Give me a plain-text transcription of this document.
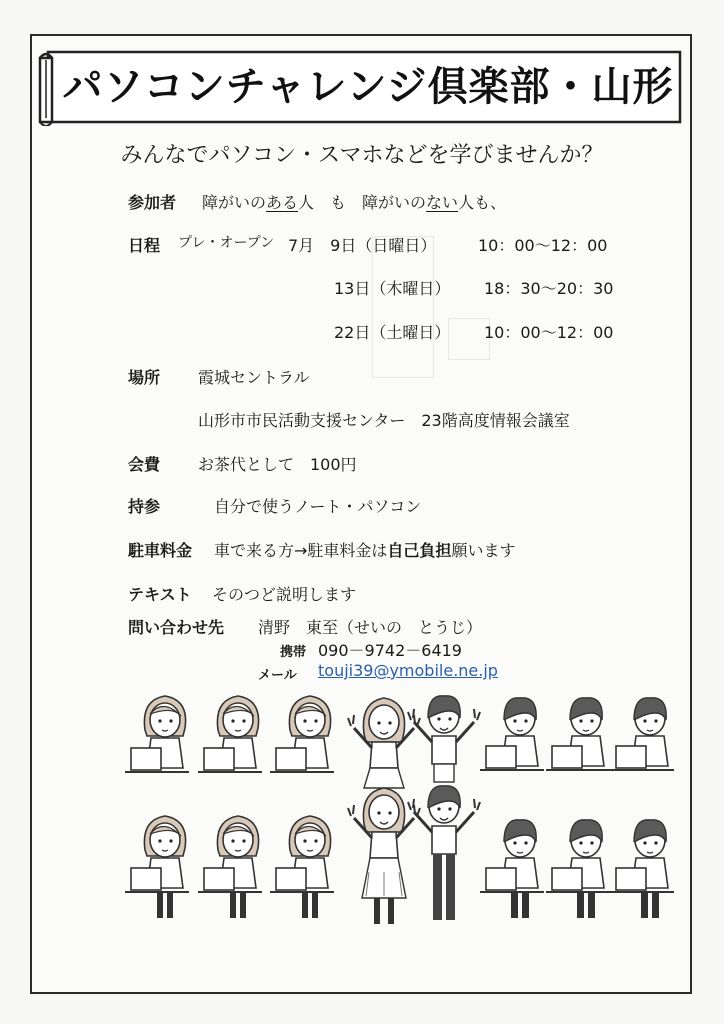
パソコンチャレンジ倶楽部・山形
みんなでパソコン・スマホなどを学びませんか？
参加者 障がいのある人　も　障がいのない人も、
日程 プレ・オープン 7月　9日（日曜日）	10：00～12：00
13日（木曜日） 18：30～20：30
22日（土曜日） 10：00～12：00
場所 霞城セントラル
山形市市民活動支援センター　23階高度情報会議室
会費 お茶代として　100円
持参	自分で使うノート・パソコン
駐車料金 車で来る方→駐車料金は自己負担願います
テキスト そのつど説明します
問い合わせ先 清野　東至（せいの　とうじ）
携帯 090－9742－6419
メール touji39@ymobile.ne.jp
